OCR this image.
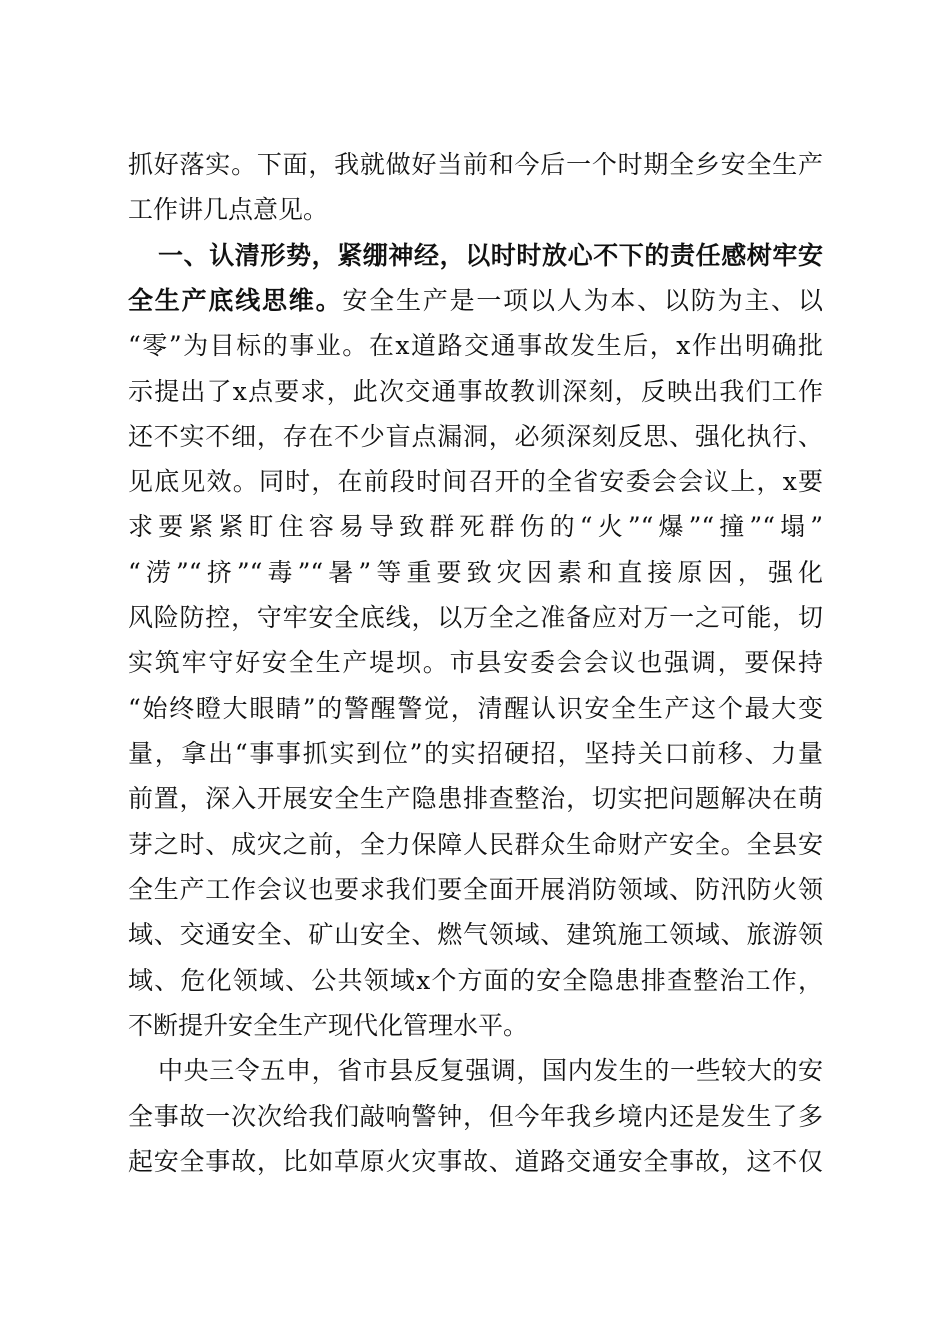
抓好落实。下面，我就做好当前和今后一个时期全乡安全生产
工作讲几点意见。
一、认清形势，紧绷神经，以时时放心不下的责任感树牢安
全生产底线思维。安全生产是一项以人为本、以防为主、以
“零”为目标的事业。在x道路交通事故发生后，x作出明确批
示提出了x点要求，此次交通事故教训深刻，反映出我们工作
还不实不细，存在不少盲点漏洞，必须深刻反思、强化执行、
见底见效。同时，在前段时间召开的全省安委会会议上，x要
求要紧紧盯住容易导致群死群伤的“火”“爆”“撞”“塌”
“涝”“挤”“毒”“暑”等重要致灾因素和直接原因，强化
风险防控，守牢安全底线，以万全之准备应对万一之可能，切
实筑牢守好安全生产堤坝。市县安委会会议也强调，要保持
“始终瞪大眼睛”的警醒警觉，清醒认识安全生产这个最大变
量，拿出“事事抓实到位”的实招硬招，坚持关口前移、力量
前置，深入开展安全生产隐患排查整治，切实把问题解决在萌
芽之时、成灾之前，全力保障人民群众生命财产安全。全县安
全生产工作会议也要求我们要全面开展消防领域、防汛防火领
域、交通安全、矿山安全、燃气领域、建筑施工领域、旅游领
域、危化领域、公共领域x个方面的安全隐患排查整治工作，
不断提升安全生产现代化管理水平。
中央三令五申，省市县反复强调，国内发生的一些较大的安
全事故一次次给我们敲响警钟，但今年我乡境内还是发生了多
起安全事故，比如草原火灾事故、道路交通安全事故，这不仅
